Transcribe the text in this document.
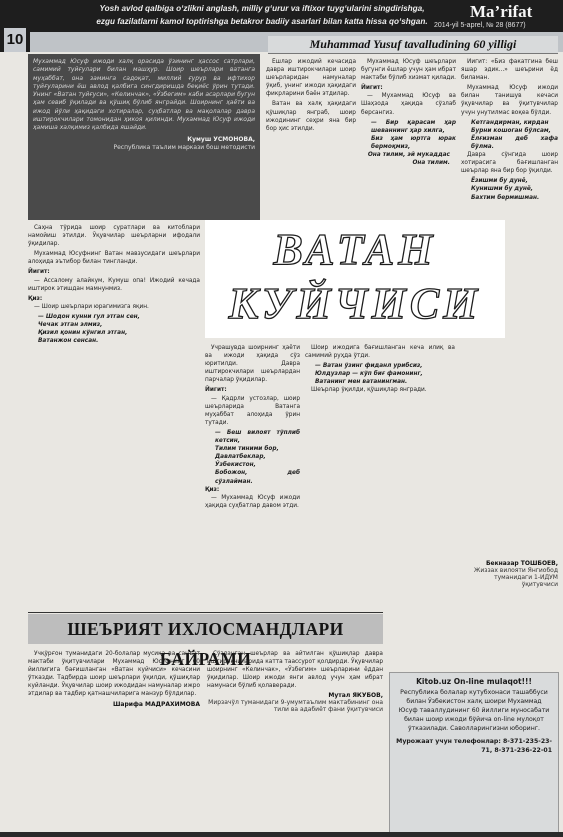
10
Yosh avlod qalbiga o‘zlikni anglash, milliy g‘urur va iftixor tuyg‘ularini singdirishga,
ezgu fazilatlarni kamol toptirishga betakror badiiy asarlari bilan katta hissa qo‘shgan.
Ma’rifat
2014-yil 5-aprel, № 28 (8677)
Muhammad Yusuf tavalludining 60 yilligi
Мухаммад Юсуф ижоди халқ орасида ўзининг ҳассос сатрлари, самимий туйғулари билан машҳур. Шоир шеърлари ватанга муҳаббат, она заминга садоқат, миллий ғурур ва ифтихор туйғуларини ёш авлод қалбига сингдиришда беқиёс ўрин тутади. Унинг «Ватан туйғуси», «Келинчак», «Ўзбегим» каби асарлари бугун ҳам севиб ўқилади ва қўшиқ бўлиб янграйди. Шоирнинг ҳаёти ва ижод йўли ҳақидаги хотиралар, суҳбатлар ва мақолалар давра иштирокчилари томонидан ҳикоя қилинди. Мухаммад Юсуф ижоди ҳамиша халқимиз қалбида яшайди.
Кумуш УСМОНОВА,
Республика таълим маркази бош методисти

Ёшлар ижодий кечасида давра иштирокчилари шоир шеърларидан намуналар ўқиб, унинг ижоди ҳақидаги фикрларини баён этдилар.

Ватан ва халқ ҳақидаги қўшиқлар янграб, шоир ижодининг сеҳри яна бир бор ҳис этилди.

Мухаммад Юсуф шеърлари бугунги ёшлар учун ҳам ибрат мактаби бўлиб хизмат қилади.

Йигит:

— Мухаммад Юсуф ва Шаҳзода ҳақида сўзлаб берсангиз.

— Бир қарасам ҳар шеваннинг ҳар хилга,
Биз ҳам юртга юрак бермоқмиз,
Она тилим, эй мукаддас
Она тилим.

Йигит: «Биз факатгина беш яшар эдик...» шеърини ёд биламан.

Мухаммад Юсуф ижоди билан танишув кечаси ўқувчилар ва ўқитувчилар учун унутилмас воқеа бўлди.

Кетгандирман, кирдан
Бурни кошоган бўлсам,
Ёлғизман деб хафа бўлма.

Давра сўнгида шоир хотирасига бағишланган шеърлар яна бир бор ўқилди.

Ёзишми бу дунё,
Кунишми бу дунё,
Бахтим бермишман.

Саҳна тўрида шоир суратлари ва китоблари намойиш этилди. Ўқувчилар шеърларни ифодали ўқидилар.

Мухаммад Юсуфнинг Ватан мавзусидаги шеърлари алоҳида эътибор билан тингланди.

Йигит:

— Ассалому алайкум, Кумуш опа! Ижодий кечада иштирок этишдан мамнунмиз.

Қиз:

— Шоир шеърлари юрагимизга яқин.

— Шодон кунни гул этган сен,
Чечак этган элмиз,
Қизил қонин кўнгил этган,
Ватанжон сенсан.
ВАТАН
КУЙЧИСИ

Учрашувда шоирнинг ҳаёти ва ижоди ҳақида сўз юритилди. Давра иштирокчилари шеърлардан парчалар ўқидилар.

Йигит:

— Қадрли устозлар, шоир шеърларида Ватанга муҳаббат алоҳида ўрин тутади.

— Беш вилоят тўплиб кетсин,
Тилим тиними бор,
Давлатбеклар, Ўзбекистон,
Бобожон, деб сўзлайман.
Қиз:

— Мухаммад Юсуф ижоди ҳақида суҳбатлар давом этди.

Шоир ижодига бағишланган кеча илиқ ва самимий руҳда ўтди.

— Ватан ўзинг фиданл урибсиз,
Юлдузлар — кўп биғ фамонинг,
Ватанинг мен ватанингман.

Шеърлар ўқилди, қўшиқлар янгради.

Бекназар ТОШБОЕВ,
Жиззах вилояти Янгиобод туманидаги 1-ИДУМ ўқитувчиси
ШЕЪРИЯТ ИХЛОСМАНДЛАРИ БАЙРАМИ

Учқўрғон туманидаги 20-болалар мусиқа ва санъат мактаби ўқитувчилари Мухаммад Юсуфнинг 60 йиллигига бағишланган «Ватан куйчиси» кечасини ўтказди. Тадбирда шоир шеърлари ўқилди, қўшиқлар куйланди. Ўқувчилар шоир ижодидан намуналар ижро этдилар ва тадбир қатнашчиларига манзур бўлдилар.

Шарифа МАДРАХИМОВА

Сўзланган шеърлар ва айтилган қўшиқлар давра иштирокчиларида катта таассурот қолдирди. Ўқувчилар шоирнинг «Келинчак», «Ўзбегим» шеърларини ёддан ўқидилар. Шоир ижоди янги авлод учун ҳам ибрат намунаси бўлиб қолаверади.

Мутал ЯКУБОВ,
Мирзачўл туманидаги 9-умумтаълим мактабининг она тили ва адабиёт фани ўқитувчиси
Kitob.uz On-line mulaqot!!!
Республика болалар кутубхонаси ташаббуси билан Ўзбекистон халқ шоири Мухаммад Юсуф таваллудининг 60 йиллиги муносабати билан шоир ижоди бўйича on-line мулоқот ўтказилади. Саволларингизни юборинг.
Мурожаат учун телефонлар: 8-371-235-23-71, 8-371-236-22-01
